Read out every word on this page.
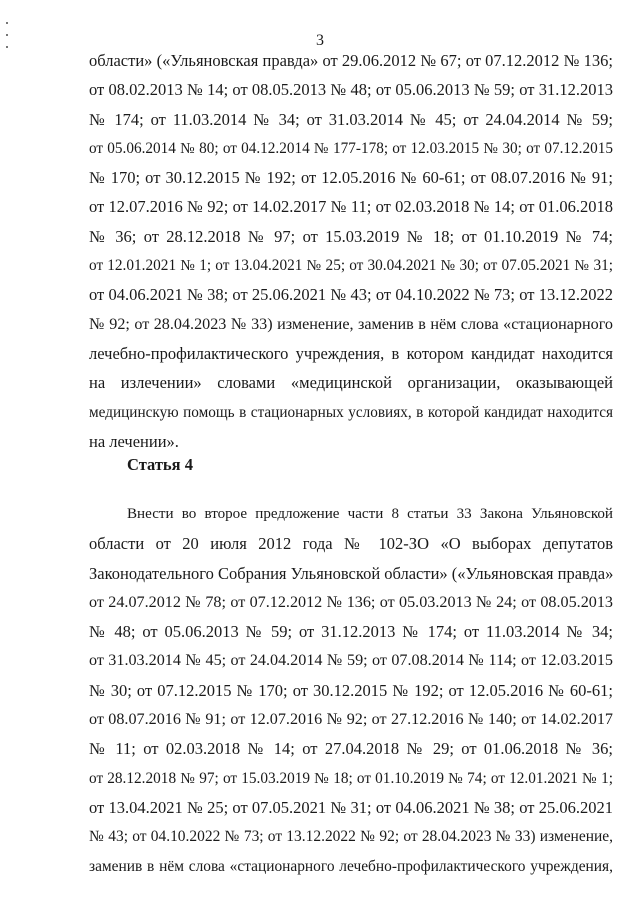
3
области» («Ульяновская правда» от 29.06.2012 № 67; от 07.12.2012 № 136;
от 08.02.2013 № 14; от 08.05.2013 № 48; от 05.06.2013 № 59; от 31.12.2013
№ 174; от 11.03.2014 № 34; от 31.03.2014 № 45; от 24.04.2014 № 59;
от 05.06.2014 № 80; от 04.12.2014 № 177-178; от 12.03.2015 № 30; от 07.12.2015
№ 170; от 30.12.2015 № 192; от 12.05.2016 № 60-61; от 08.07.2016 № 91;
от 12.07.2016 № 92; от 14.02.2017 № 11; от 02.03.2018 № 14; от 01.06.2018
№ 36; от 28.12.2018 № 97; от 15.03.2019 № 18; от 01.10.2019 № 74;
от 12.01.2021 № 1; от 13.04.2021 № 25; от 30.04.2021 № 30; от 07.05.2021 № 31;
от 04.06.2021 № 38; от 25.06.2021 № 43; от 04.10.2022 № 73; от 13.12.2022
№ 92; от 28.04.2023 № 33) изменение, заменив в нём слова «стационарного
лечебно-профилактического учреждения, в котором кандидат находится
на излечении» словами «медицинской организации, оказывающей
медицинскую помощь в стационарных условиях, в которой кандидат находится
на лечении».
Статья 4
Внести во второе предложение части 8 статьи 33 Закона Ульяновской
области от 20 июля 2012 года № 102-ЗО «О выборах депутатов
Законодательного Собрания Ульяновской области» («Ульяновская правда»
от 24.07.2012 № 78; от 07.12.2012 № 136; от 05.03.2013 № 24; от 08.05.2013
№ 48; от 05.06.2013 № 59; от 31.12.2013 № 174; от 11.03.2014 № 34;
от 31.03.2014 № 45; от 24.04.2014 № 59; от 07.08.2014 № 114; от 12.03.2015
№ 30; от 07.12.2015 № 170; от 30.12.2015 № 192; от 12.05.2016 № 60-61;
от 08.07.2016 № 91; от 12.07.2016 № 92; от 27.12.2016 № 140; от 14.02.2017
№ 11; от 02.03.2018 № 14; от 27.04.2018 № 29; от 01.06.2018 № 36;
от 28.12.2018 № 97; от 15.03.2019 № 18; от 01.10.2019 № 74; от 12.01.2021 № 1;
от 13.04.2021 № 25; от 07.05.2021 № 31; от 04.06.2021 № 38; от 25.06.2021
№ 43; от 04.10.2022 № 73; от 13.12.2022 № 92; от 28.04.2023 № 33) изменение,
заменив в нём слова «стационарного лечебно-профилактического учреждения,
